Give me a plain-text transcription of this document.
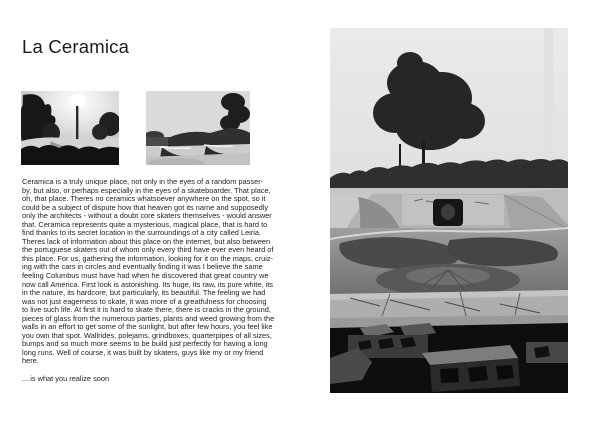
La Ceramica
Ceramica is a truly unique place, not only in the eyes of a random passer-
by, but also, or perhaps especially in the eyes of a skateboarder. That place,
oh, that place. Theres no ceramics whatsoever anywhere on the spot, so it
could be a subject of dispute how that heaven got its name and supposedly
only the architects - without a doubt core skaters themselves - would answer
that. Ceramica represents quite a mysterious, magical place, that is hard to
find thanks to its secret location in the surroundings of a city called Leiria.
Theres lack of information about this place on the internet, but also between
the portuguese skaters out of whom only every third have ever even heard of
this place. For us, gathering the information, looking for it on the maps, cruiz-
ing with the cars in circles and eventually finding it was I believe the same
feeling Columbus must have had when he discovered that great country we
now call America. First look is astonishing. Its huge, its raw, its pure white, its
in the nature, its hardcore, but particularly, its beautiful. The feeling we had
was not just eagerness to skate, it was more of a greatfulness for choosing
to live such life. At first it is hard to skate there, there is cracks in the ground,
pieces of glass from the numerous parties, plants and weed growing from the
walls in an effort to get some of the sunlight, but after few hours, you feel like
you own that spot. Wallrides, polejams, grindboxes, quarterpipes of all sizes,
bumps and so much more seems to be build just perfectly for having a long
long runs. Well of course, it was built by skaters, guys like my or my friend
here.
....is what you realize soon
